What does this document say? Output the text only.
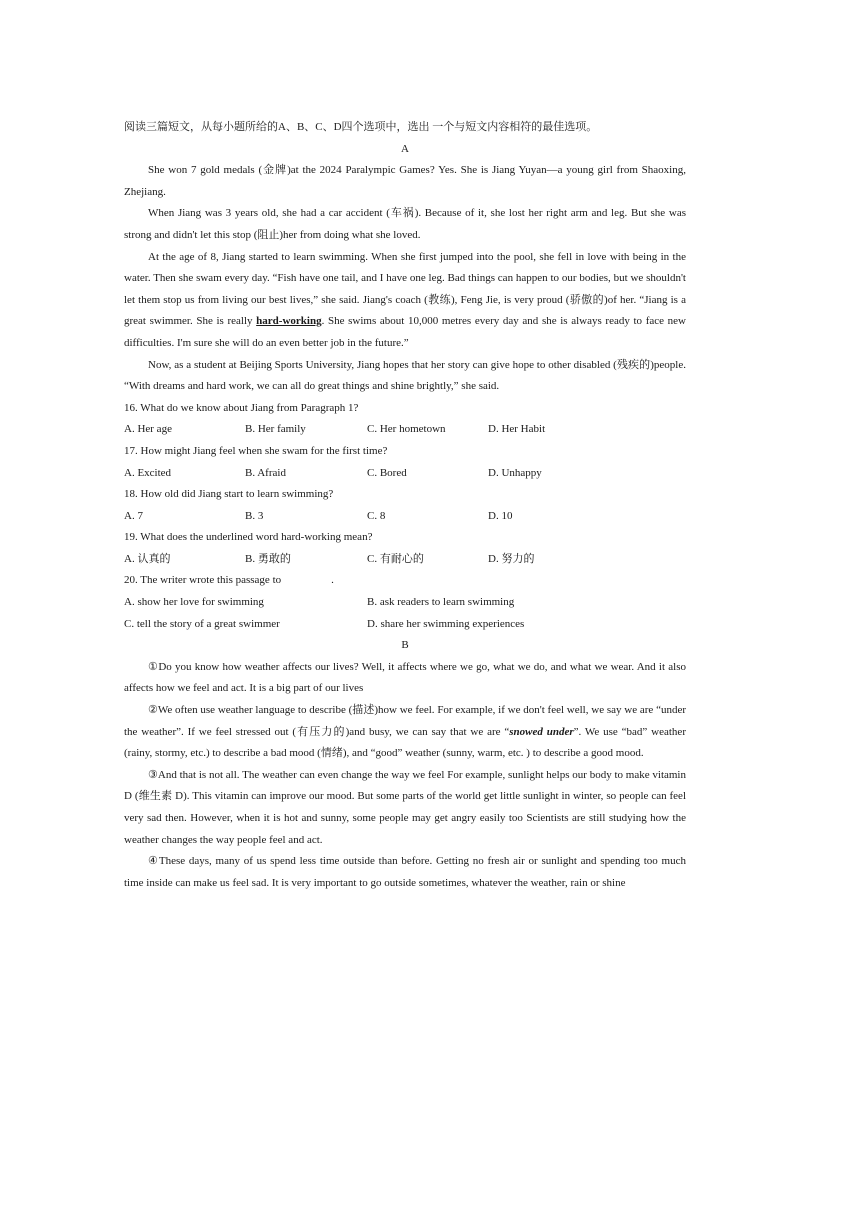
阅读三篇短文，从每小题所给的A、B、C、D四个选项中，选出 一个与短文内容相符的最佳选项。
A
She won 7 gold medals (金牌)at the 2024 Paralympic Games? Yes. She is Jiang Yuyan—a young girl from Shaoxing, Zhejiang.
When Jiang was 3 years old, she had a car accident (车祸). Because of it, she lost her right arm and leg. But she was strong and didn't let this stop (阻止)her from doing what she loved.
At the age of 8, Jiang started to learn swimming. When she first jumped into the pool, she fell in love with being in the water. Then she swam every day. “Fish have one tail, and I have one leg. Bad things can happen to our bodies, but we shouldn't let them stop us from living our best lives,” she said. Jiang's coach (教练), Feng Jie, is very proud (骄傲的)of her. “Jiang is a great swimmer. She is really hard-working. She swims about 10,000 metres every day and she is always ready to face new difficulties. I'm sure she will do an even better job in the future.”
Now, as a student at Beijing Sports University, Jiang hopes that her story can give hope to other disabled (残疾的)people. “With dreams and hard work, we can all do great things and shine brightly,” she said.
16. What do we know about Jiang from Paragraph 1?
A. Her age	B. Her family	C. Her hometown	D. Her Habit
17. How might Jiang feel when she swam for the first time?
A. Excited	B. Afraid	C. Bored	D. Unhappy
18. How old did Jiang start to learn swimming?
A. 7	B. 3	C. 8	D. 10
19. What does the underlined word hard-working mean?
A. 认真的	B. 勇敢的	C. 有耐心的	D. 努力的
20. The writer wrote this passage to	.
A. show her love for swimming	B. ask readers to learn swimming
C. tell the story of a great swimmer	D. share her swimming experiences
B
①Do you know how weather affects our lives? Well, it affects where we go, what we do, and what we wear. And it also affects how we feel and act. It is a big part of our lives
②We often use weather language to describe (描述)how we feel. For example, if we don't feel well, we say we are “under the weather”. If we feel stressed out (有压力的)and busy, we can say that we are “snowed under”. We use “bad” weather (rainy, stormy, etc.) to describe a bad mood (情绪), and “good” weather (sunny, warm, etc. ) to describe a good mood.
③And that is not all. The weather can even change the way we feel For example, sunlight helps our body to make vitamin D (维生素 D). This vitamin can improve our mood. But some parts of the world get little sunlight in winter, so people can feel very sad then. However, when it is hot and sunny, some people may get angry easily too Scientists are still studying how the weather changes the way people feel and act.
④These days, many of us spend less time outside than before. Getting no fresh air or sunlight and spending too much time inside can make us feel sad. It is very important to go outside sometimes, whatever the weather, rain or shine
